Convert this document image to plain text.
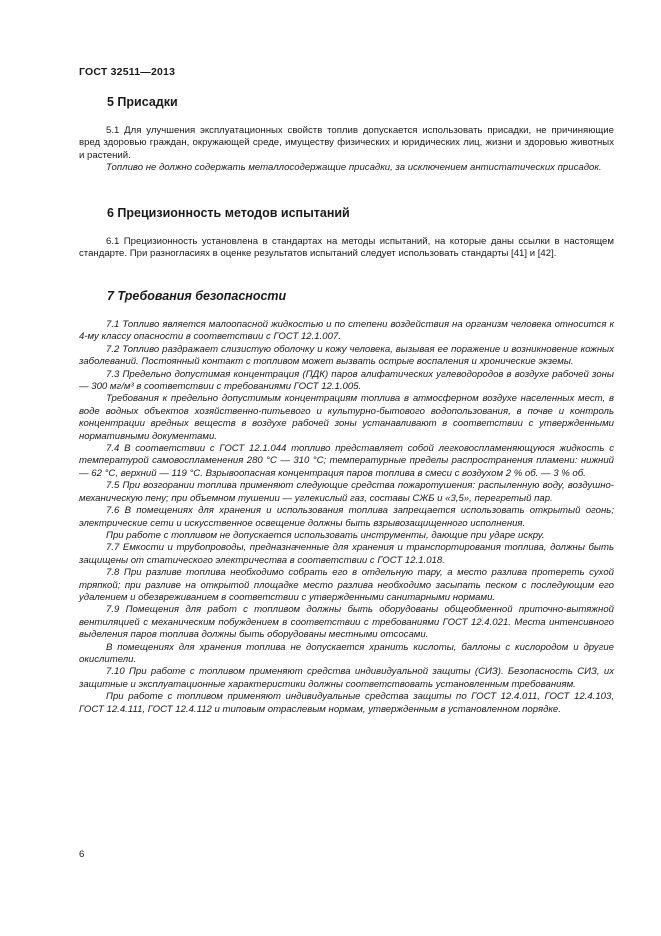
ГОСТ 32511—2013
5 Присадки

5.1 Для улучшения эксплуатационных свойств топлив допускается использовать присадки, не причиняющие вред здоровью граждан, окружающей среде, имуществу физических и юридических лиц, жизни и здоровью животных и растений.

Топливо не должно содержать металлосодержащие присадки, за исключением антистатических присадок.

6 Прецизионность методов испытаний

6.1 Прецизионность установлена в стандартах на методы испытаний, на которые даны ссылки в настоящем стандарте. При разногласиях в оценке результатов испытаний следует использовать стандарты [41] и [42].

7 Требования безопасности

7.1 Топливо является малоопасной жидкостью и по степени воздействия на организм человека относится к 4-му классу опасности в соответствии с ГОСТ 12.1.007.

7.2 Топливо раздражает слизистую оболочку и кожу человека, вызывая ее поражение и возникновение кожных заболеваний. Постоянный контакт с топливом может вызвать острые воспаления и хронические экземы.

7.3 Предельно допустимая концентрация (ПДК) паров алифатических углеводородов в воздухе рабочей зоны — 300 мг/м³ в соответствии с требованиями ГОСТ 12.1.005.

Требования к предельно допустимым концентрациям топлива в атмосферном воздухе населенных мест, в воде водных объектов хозяйственно-питьевого и культурно-бытового водопользования, в почве и контроль концентрации вредных веществ в воздухе рабочей зоны устанавливают в соответствии с утвержденными нормативными документами.

7.4 В соответствии с ГОСТ 12.1.044 топливо представляет собой легковоспламеняющуюся жидкость с температурой самовоспламенения 280 °С — 310 °С; температурные пределы распространения пламени: нижний — 62 °С, верхний — 119 °С. Взрывоопасная концентрация паров топлива в смеси с воздухом 2 % об. — 3 % об.

7.5 При возгорании топлива применяют следующие средства пожаротушения: распыленную воду, воздушно-механическую пену; при объемном тушении — углекислый газ, составы СЖБ и «3,5», перегретый пар.

7.6 В помещениях для хранения и использования топлива запрещается использовать открытый огонь; электрические сети и искусственное освещение должны быть взрывозащищенного исполнения.

При работе с топливом не допускается использовать инструменты, дающие при ударе искру.

7.7 Емкости и трубопроводы, предназначенные для хранения и транспортирования топлива, должны быть защищены от статического электричества в соответствии с ГОСТ 12.1.018.

7.8 При разливе топлива необходимо собрать его в отдельную тару, а место разлива протереть сухой тряпкой; при разливе на открытой площадке место разлива необходимо засыпать песком с последующим его удалением и обезвреживанием в соответствии с утвержденными санитарными нормами.

7.9 Помещения для работ с топливом должны быть оборудованы общеобменной приточно-вытяжной вентиляцией с механическим побуждением в соответствии с требованиями ГОСТ 12.4.021. Места интенсивного выделения паров топлива должны быть оборудованы местными отсосами.

В помещениях для хранения топлива не допускается хранить кислоты, баллоны с кислородом и другие окислители.

7.10 При работе с топливом применяют средства индивидуальной защиты (СИЗ). Безопасность СИЗ, их защитные и эксплуатационные характеристики должны соответствовать установленным требованиям.

При работе с топливом применяют индивидуальные средства защиты по ГОСТ 12.4.011, ГОСТ 12.4.103, ГОСТ 12.4.111, ГОСТ 12.4.112 и типовым отраслевым нормам, утвержденным в установленном порядке.

6
